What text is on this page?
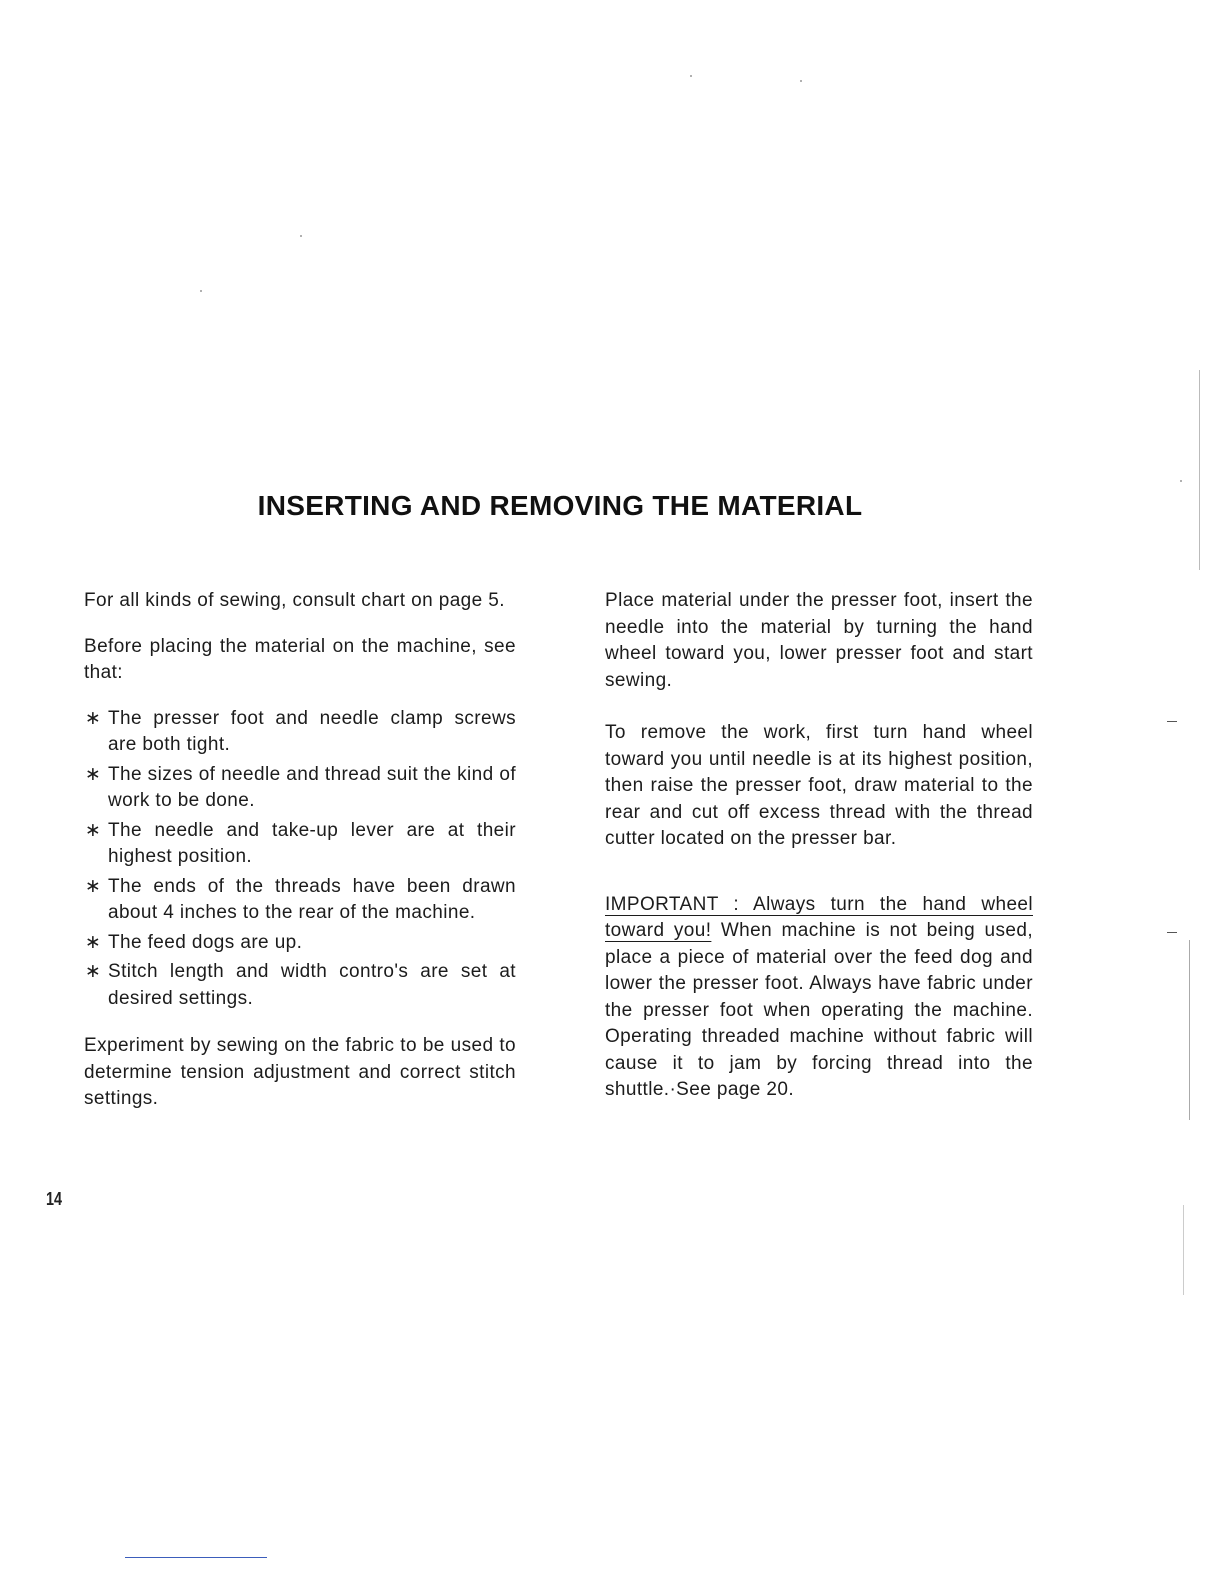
INSERTING AND REMOVING THE MATERIAL

For all kinds of sewing, consult chart on page 5.

Before placing the material on the machine, see that:

∗ The presser foot and needle clamp screws are both tight.
∗ The sizes of needle and thread suit the kind of work to be done.
∗ The needle and take-up lever are at their highest position.
∗ The ends of the threads have been drawn about 4 inches to the rear of the machine.
∗ The feed dogs are up.
∗ Stitch length and width contro's are set at desired settings.

Experiment by sewing on the fabric to be used to determine tension adjustment and correct stitch settings.

Place material under the presser foot, insert the needle into the material by turning the hand wheel toward you, lower presser foot and start sewing.

To remove the work, first turn hand wheel toward you until needle is at its highest position, then raise the presser foot, draw material to the rear and cut off excess thread with the thread cutter located on the presser bar.

IMPORTANT : Always turn the hand wheel toward you! When machine is not being used, place a piece of material over the feed dog and lower the presser foot. Always have fabric under the presser foot when operating the machine. Operating threaded machine without fabric will cause it to jam by forcing thread into the shuttle.·See page 20.

14
